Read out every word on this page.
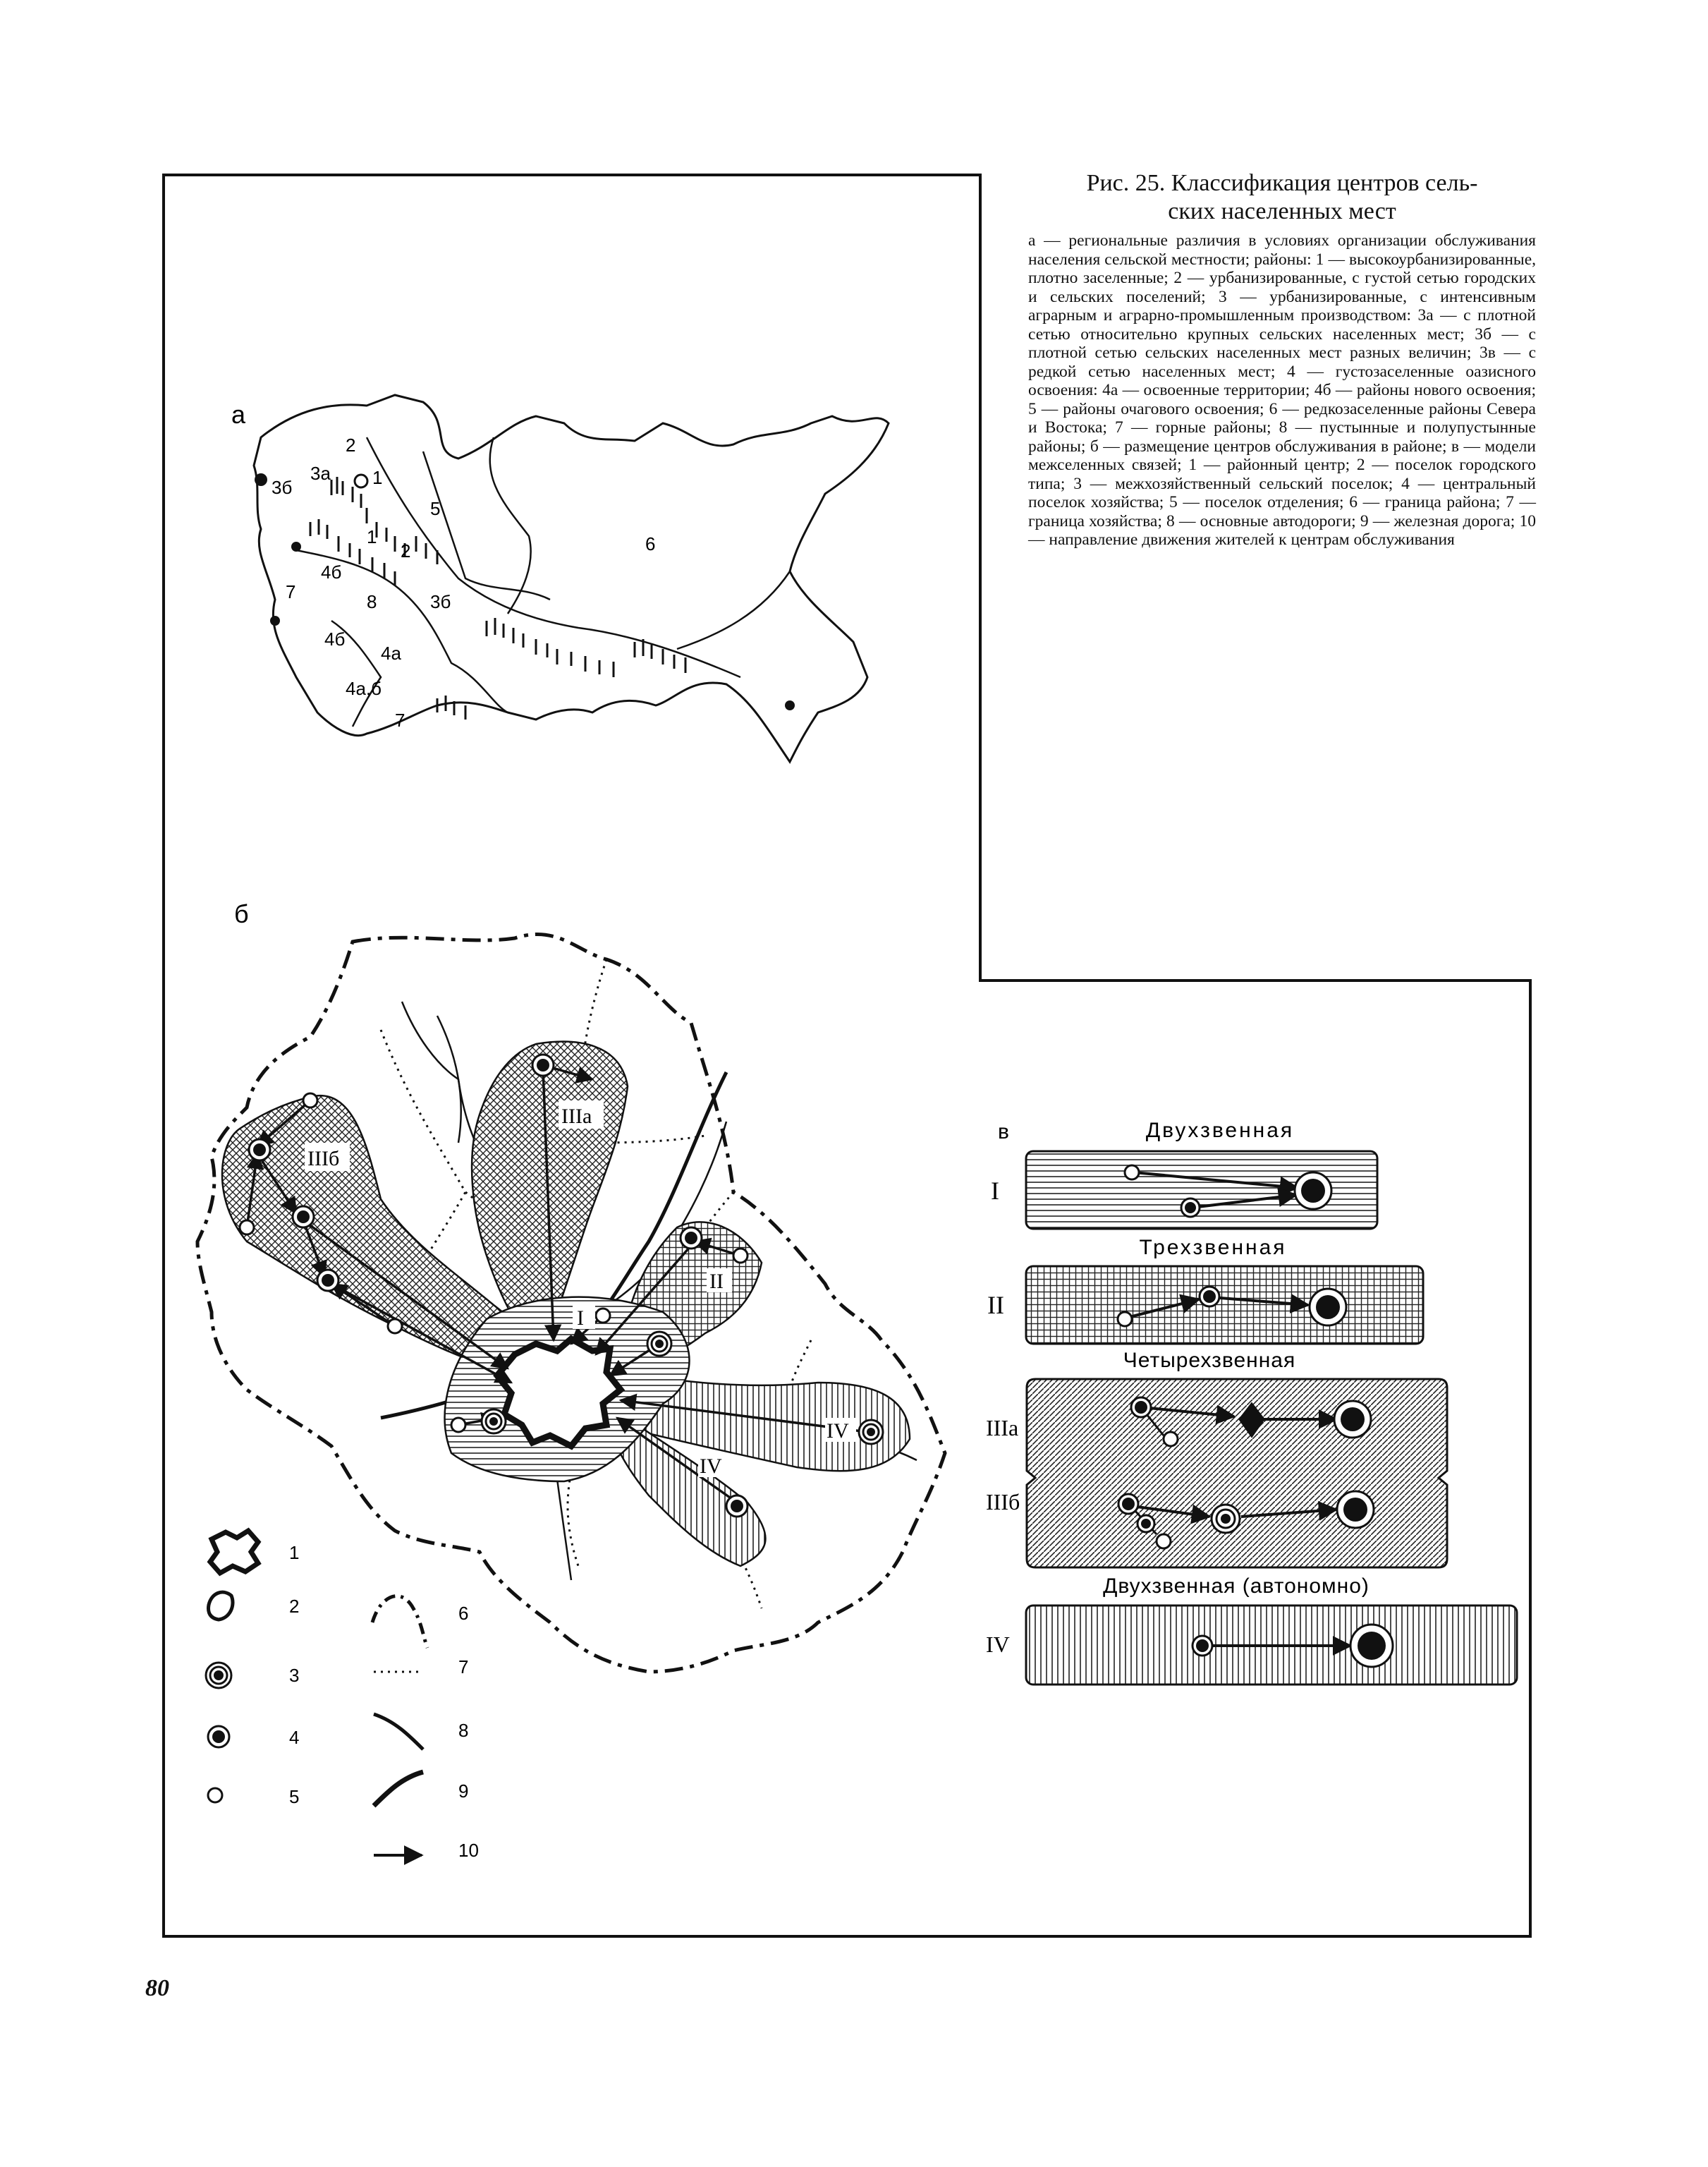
а
2
3а
3б	1
5
6
1
2
4б
7	8	3б
4б
4а
4а,б
7
б
I
II
IIIа
IIIб
IV
IV
1
2
3
4
5
6
7
8
9
10
в	Двухзвенная
I
Трехзвенная
II
Четырехзвенная
IIIа
IIIб
Двухзвенная (автономно)
IV

Рис. 25. Классификация центров сель-
ских населенных мест

а — региональные различия в условиях организации обслуживания населения сельской местности; районы: 1 — высокоурбанизированные, плотно заселенные; 2 — урбанизированные, с густой сетью городских и сельских поселений; 3 — урбанизированные, с интенсивным аграрным и аграрно-промышленным производством: 3а — с плотной сетью относительно крупных сельских населенных мест; 3б — с плотной сетью сельских населенных мест разных величин; 3в — с редкой сетью населенных мест; 4 — густозаселенные оазисного освоения: 4а — освоенные территории; 4б — районы нового освоения; 5 — районы очагового освоения; 6 — редкозаселенные районы Севера и Востока; 7 — горные районы; 8 — пустынные и полупустынные районы; б — размещение центров обслуживания в районе; в — модели межселенных связей; 1 — районный центр; 2 — поселок городского типа; 3 — межхозяйственный сельский поселок; 4 — центральный поселок хозяйства; 5 — поселок отделения; 6 — граница района; 7 — граница хозяйства; 8 — основные автодороги; 9 — железная дорога; 10 — направление движения жителей к центрам обслуживания

80
